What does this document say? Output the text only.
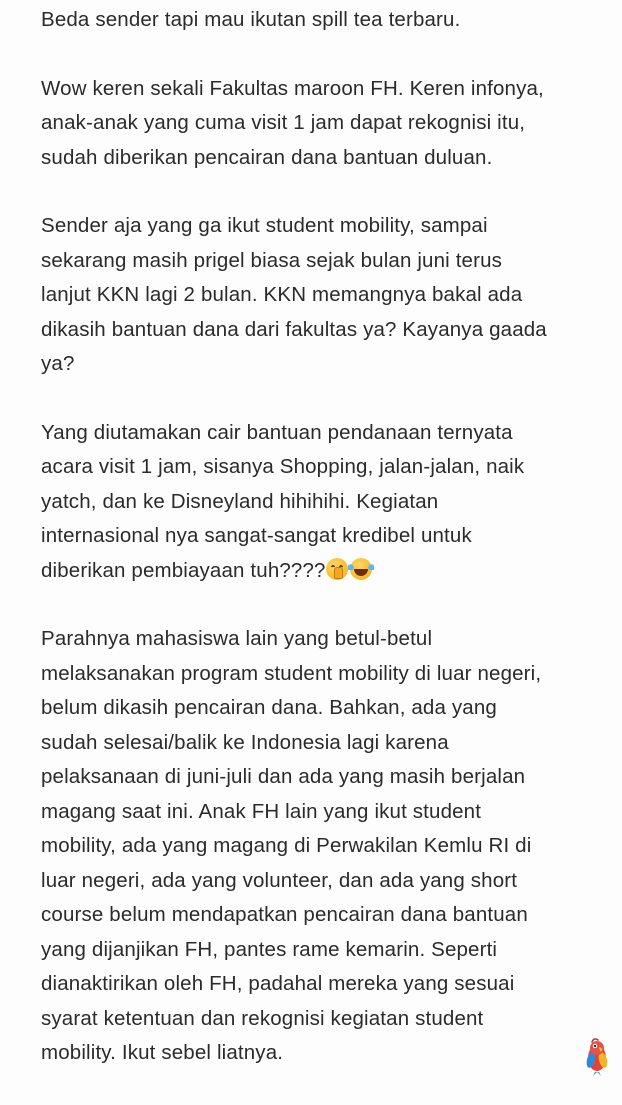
Beda sender tapi mau ikutan spill tea terbaru.

Wow keren sekali Fakultas maroon FH. Keren infonya,
anak-anak yang cuma visit 1 jam dapat rekognisi itu,
sudah diberikan pencairan dana bantuan duluan.

Sender aja yang ga ikut student mobility, sampai
sekarang masih prigel biasa sejak bulan juni terus
lanjut KKN lagi 2 bulan. KKN memangnya bakal ada
dikasih bantuan dana dari fakultas ya? Kayanya gaada
ya?

Yang diutamakan cair bantuan pendanaan ternyata
acara visit 1 jam, sisanya Shopping, jalan-jalan, naik
yatch, dan ke Disneyland hihihihi. Kegiatan
internasional nya sangat-sangat kredibel untuk
diberikan pembiayaan tuh????

Parahnya mahasiswa lain yang betul-betul
melaksanakan program student mobility di luar negeri,
belum dikasih pencairan dana. Bahkan, ada yang
sudah selesai/balik ke Indonesia lagi karena
pelaksanaan di juni-juli dan ada yang masih berjalan
magang saat ini. Anak FH lain yang ikut student
mobility, ada yang magang di Perwakilan Kemlu RI di
luar negeri, ada yang volunteer, dan ada yang short
course belum mendapatkan pencairan dana bantuan
yang dijanjikan FH, pantes rame kemarin. Seperti
dianaktirikan oleh FH, padahal mereka yang sesuai
syarat ketentuan dan rekognisi kegiatan student
mobility. Ikut sebel liatnya.
